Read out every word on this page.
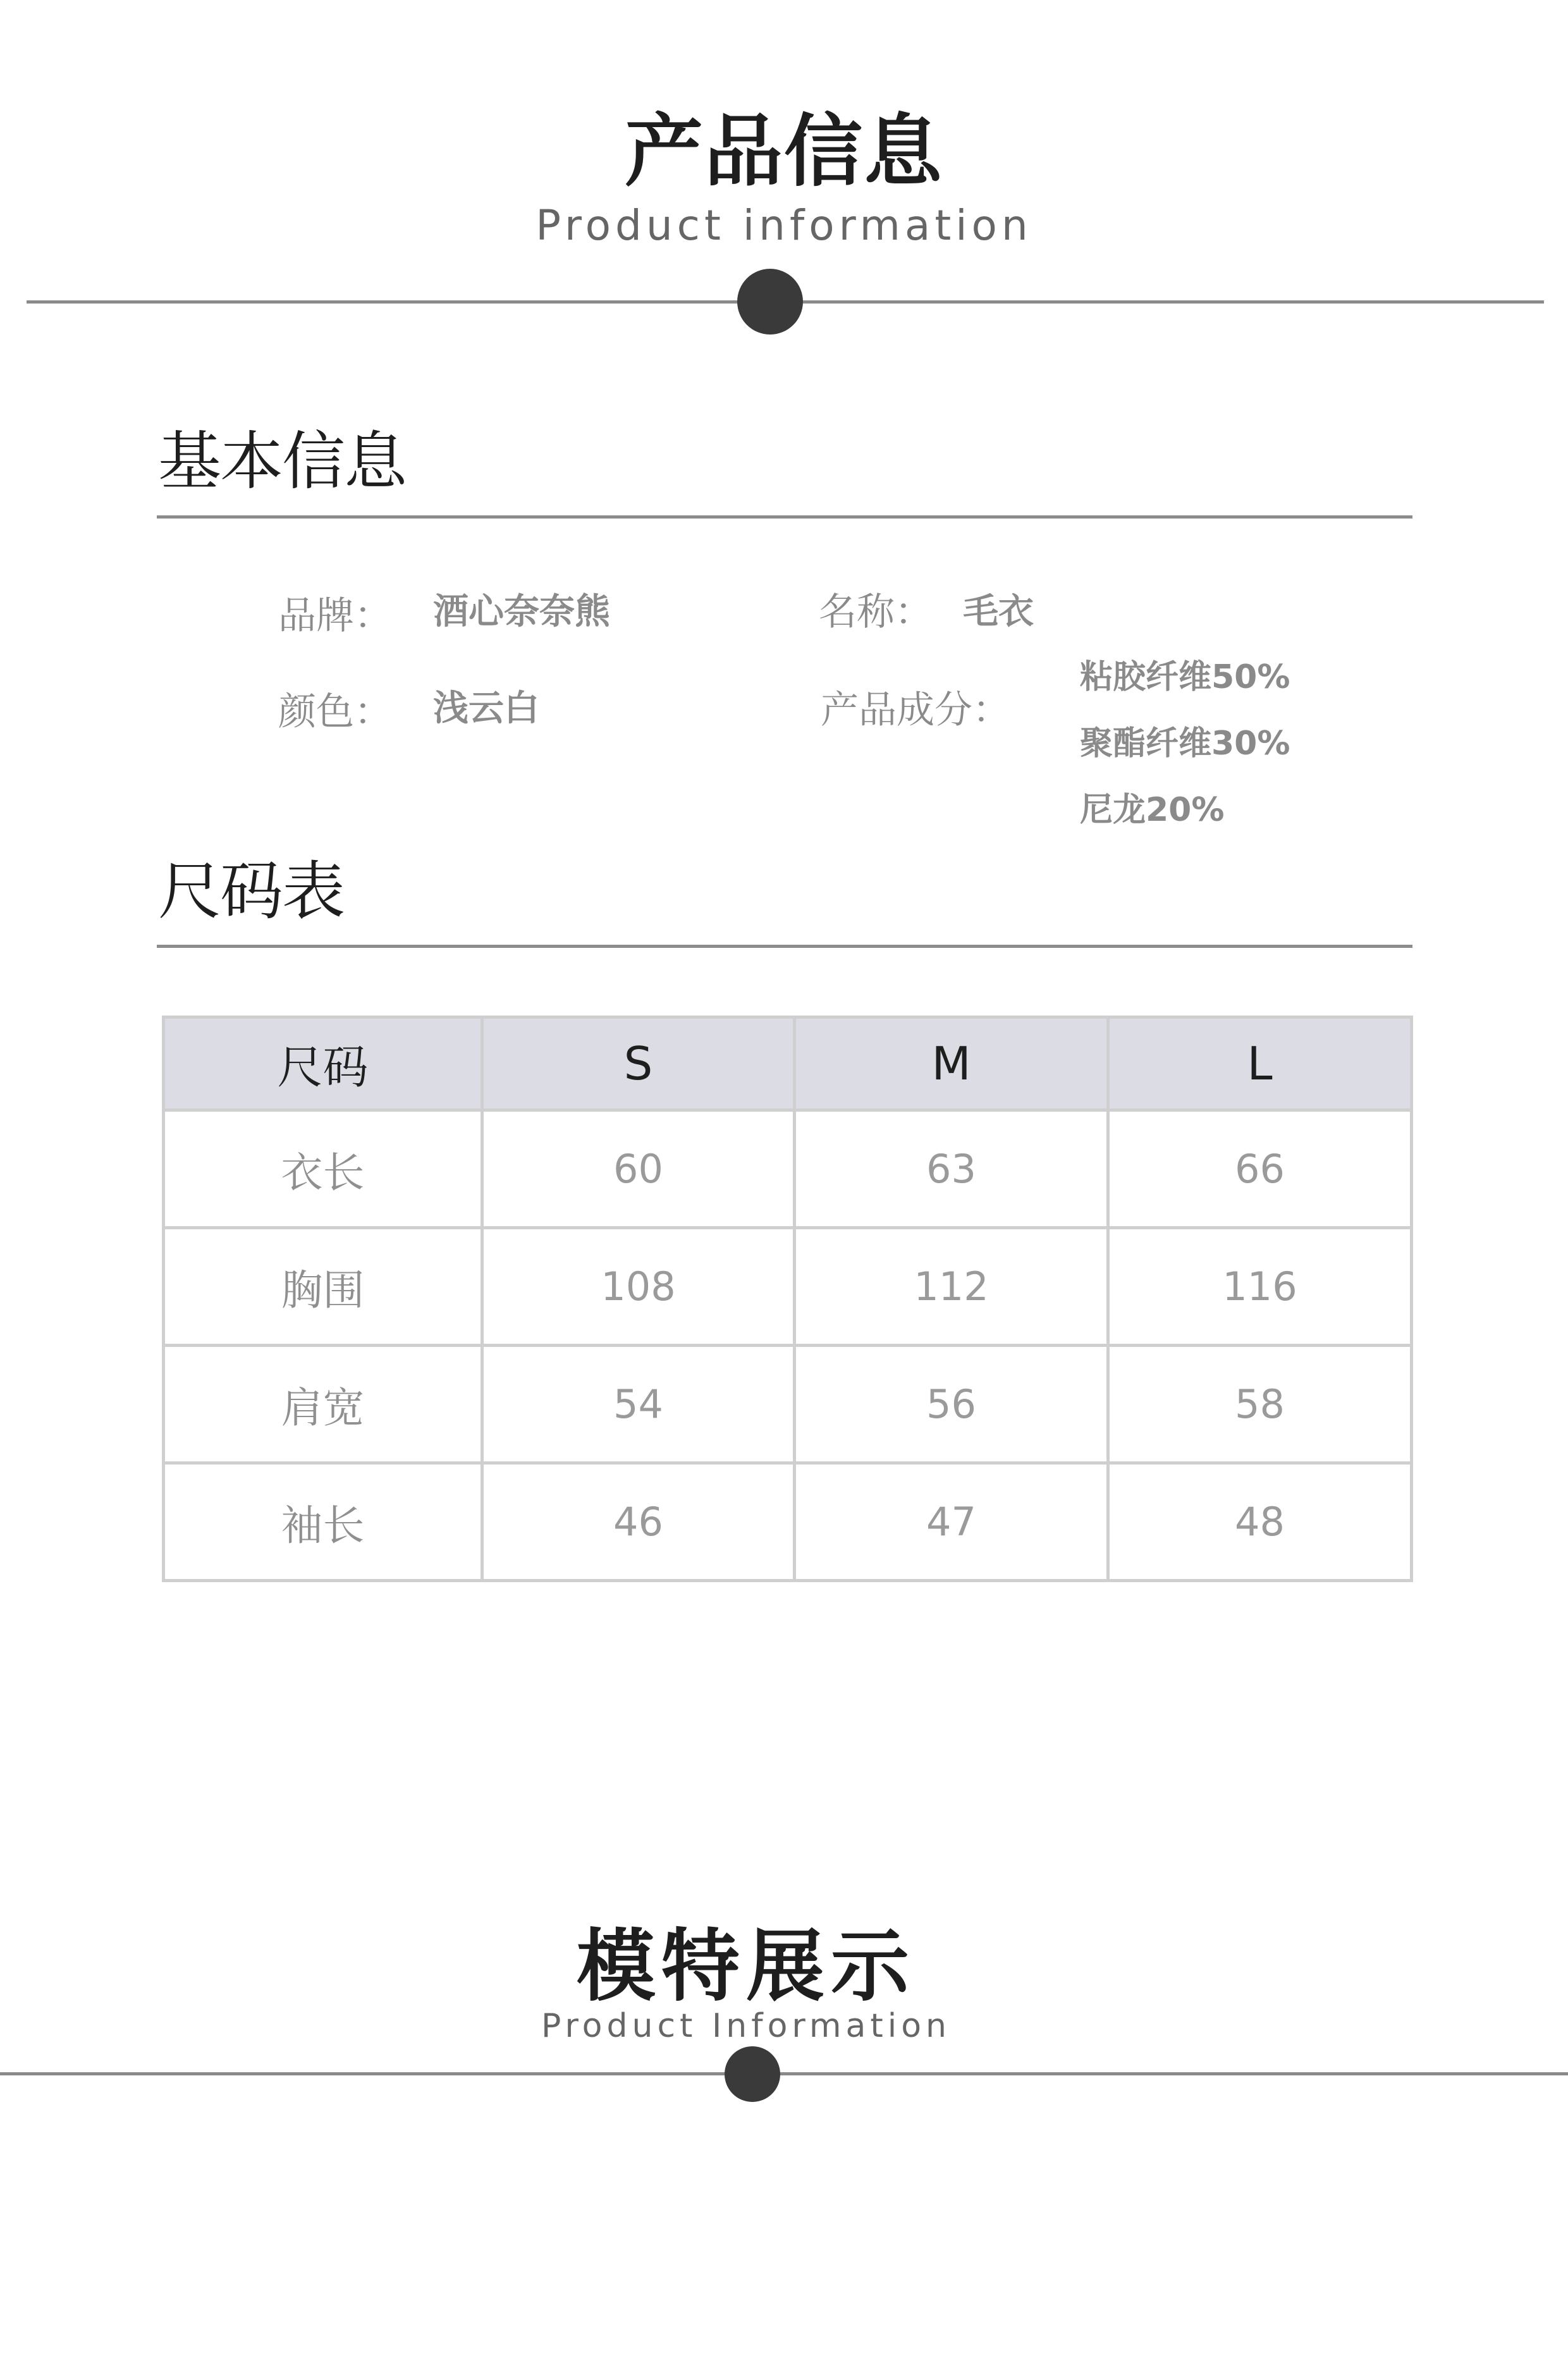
产品信息
Product information
基本信息
品牌： 酒心奈奈熊	名称： 毛衣
颜色： 浅云白	产品成分：
粘胶纤维50%
聚酯纤维30%
尼龙20%
尺码表
尺码	S	M	L
衣长	60	63	66
胸围	108	112	116
肩宽	54	56	58
袖长	46	47	48
模特展示
Product Information
